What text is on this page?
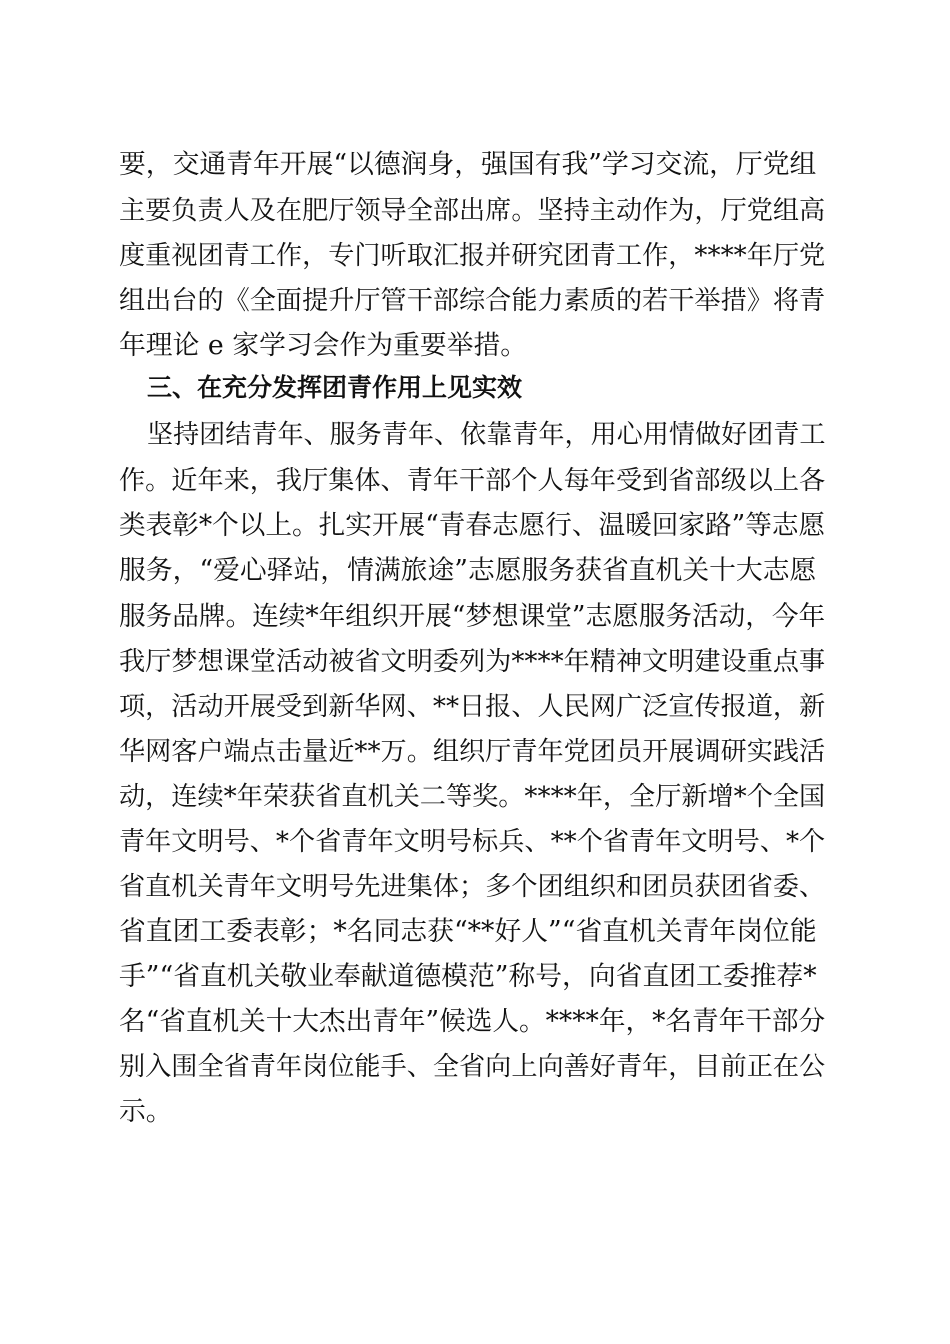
要，交通青年开展“以德润身，强国有我”学习交流，厅党组
主要负责人及在肥厅领导全部出席。坚持主动作为，厅党组高
度重视团青工作，专门听取汇报并研究团青工作，****年厅党
组出台的《全面提升厅管干部综合能力素质的若干举措》将青
年理论 e 家学习会作为重要举措。
三、在充分发挥团青作用上见实效
坚持团结青年、服务青年、依靠青年，用心用情做好团青工
作。近年来，我厅集体、青年干部个人每年受到省部级以上各
类表彰*个以上。扎实开展“青春志愿行、温暖回家路”等志愿
服务，“爱心驿站，情满旅途”志愿服务获省直机关十大志愿
服务品牌。连续*年组织开展“梦想课堂”志愿服务活动，今年
我厅梦想课堂活动被省文明委列为****年精神文明建设重点事
项，活动开展受到新华网、**日报、人民网广泛宣传报道，新
华网客户端点击量近**万。组织厅青年党团员开展调研实践活
动，连续*年荣获省直机关二等奖。****年，全厅新增*个全国
青年文明号、*个省青年文明号标兵、**个省青年文明号、*个
省直机关青年文明号先进集体；多个团组织和团员获团省委、
省直团工委表彰；*名同志获“**好人”“省直机关青年岗位能
手”“省直机关敬业奉献道德模范”称号，向省直团工委推荐*
名“省直机关十大杰出青年”候选人。****年，*名青年干部分
别入围全省青年岗位能手、全省向上向善好青年，目前正在公
示。
